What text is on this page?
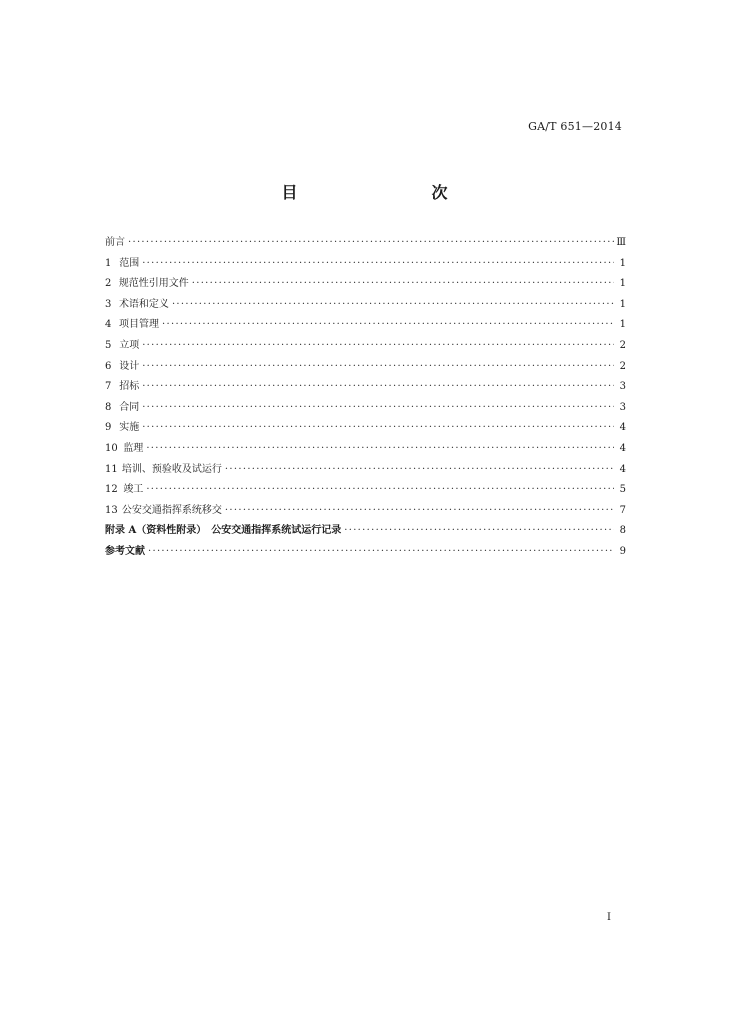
GA/T 651—2014
目　　次
前言 ·····	Ⅲ
1 范围 ·····	1
2 规范性引用文件 ·····	1
3 术语和定义 ·····	1
4 项目管理 ·····	1
5 立项 ·····	2
6 设计 ·····	2
7 招标 ·····	3
8 合同 ·····	3
9 实施 ·····	4
10 监理 ·····	4
11 培训、预验收及试运行 ·····	4
12 竣工 ·····	5
13 公安交通指挥系统移交 ·····	7
附录 A（资料性附录）　公安交通指挥系统试运行记录 ·····	8
参考文献 ·····	9
I
